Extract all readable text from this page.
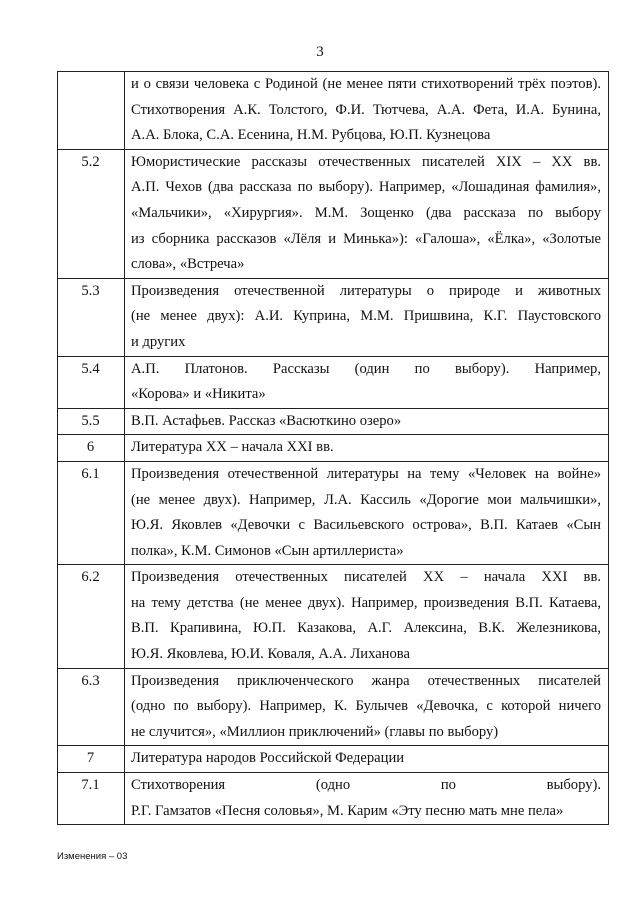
3

	и о связи человека с Родиной (не менее пяти стихотворений трёх поэтов).
Стихотворения А.К. Толстого, Ф.И. Тютчева, А.А. Фета, И.А. Бунина,
А.А. Блока, С.А. Есенина, Н.М. Рубцова, Ю.П. Кузнецова

5.2	Юмористические рассказы отечественных писателей XIX – XX вв.
А.П. Чехов (два рассказа по выбору). Например, «Лошадиная фамилия»,
«Мальчики», «Хирургия». М.М. Зощенко (два рассказа по выбору
из сборника рассказов «Лёля и Минька»): «Галоша», «Ёлка», «Золотые
слова», «Встреча»

5.3	Произведения отечественной литературы о природе и животных
(не менее двух): А.И. Куприна, М.М. Пришвина, К.Г. Паустовского
и других

5.4	А.П. Платонов. Рассказы (один по выбору). Например,
«Корова» и «Никита»

5.5	В.П. Астафьев. Рассказ «Васюткино озеро»

6	Литература XX – начала XXI вв.

6.1	Произведения отечественной литературы на тему «Человек на войне»
(не менее двух). Например, Л.А. Кассиль «Дорогие мои мальчишки»,
Ю.Я. Яковлев «Девочки с Васильевского острова», В.П. Катаев «Сын
полка», К.М. Симонов «Сын артиллериста»

6.2	Произведения отечественных писателей XX – начала XXI вв.
на тему детства (не менее двух). Например, произведения В.П. Катаева,
В.П. Крапивина, Ю.П. Казакова, А.Г. Алексина, В.К. Железникова,
Ю.Я. Яковлева, Ю.И. Коваля, А.А. Лиханова

6.3	Произведения приключенческого жанра отечественных писателей
(одно по выбору). Например, К. Булычев «Девочка, с которой ничего
не случится», «Миллион приключений» (главы по выбору)

7	Литература народов Российской Федерации

7.1	Стихотворения (одно по выбору).
Р.Г. Гамзатов «Песня соловья», М. Карим «Эту песню мать мне пела»
Изменения – 03
